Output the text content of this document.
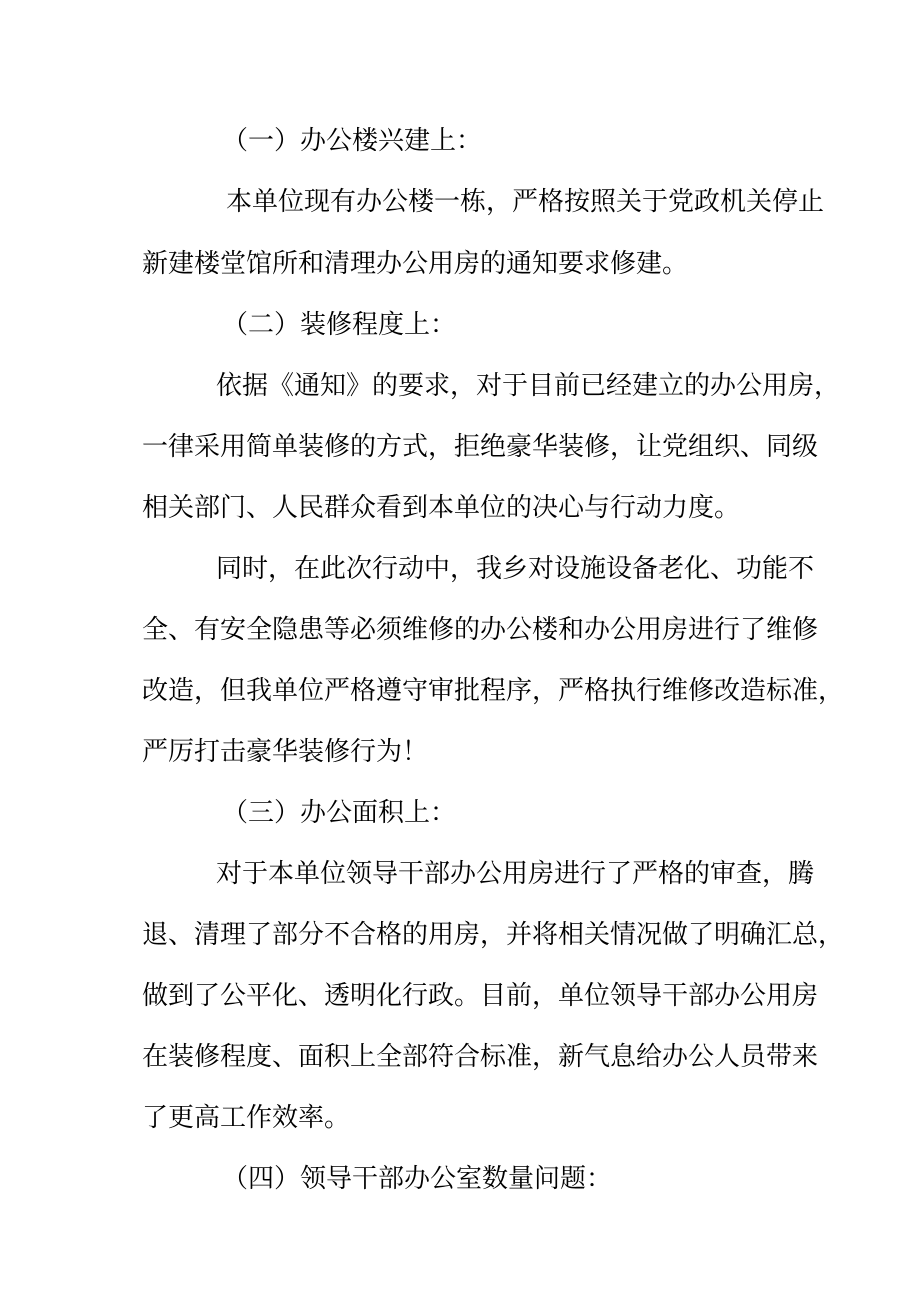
（一）办公楼兴建上：
本单位现有办公楼一栋，严格按照关于党政机关停止
新建楼堂馆所和清理办公用房的通知要求修建。
（二）装修程度上：
依据《通知》的要求，对于目前已经建立的办公用房，
一律采用简单装修的方式，拒绝豪华装修，让党组织、同级
相关部门、人民群众看到本单位的决心与行动力度。
同时，在此次行动中，我乡对设施设备老化、功能不
全、有安全隐患等必须维修的办公楼和办公用房进行了维修
改造，但我单位严格遵守审批程序，严格执行维修改造标准，
严厉打击豪华装修行为！
（三）办公面积上：
对于本单位领导干部办公用房进行了严格的审查，腾
退、清理了部分不合格的用房，并将相关情况做了明确汇总，
做到了公平化、透明化行政。目前，单位领导干部办公用房
在装修程度、面积上全部符合标准，新气息给办公人员带来
了更高工作效率。
（四）领导干部办公室数量问题：
